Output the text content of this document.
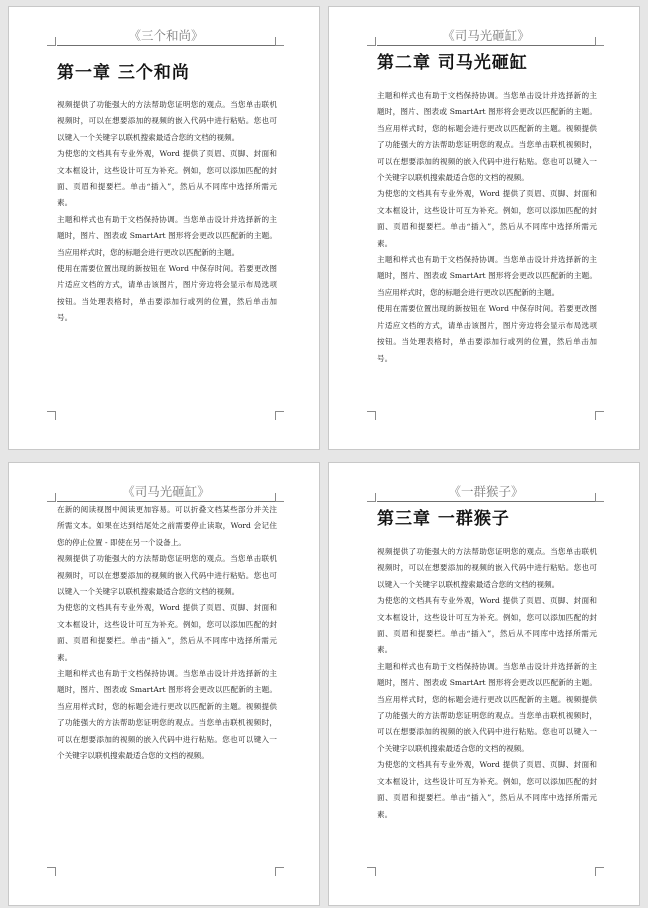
《三个和尚》
第一章 三个和尚

视频提供了功能强大的方法帮助您证明您的观点。当您单击联机视频时，可以在想要添加的视频的嵌入代码中进行粘贴。您也可以键入一个关键字以联机搜索最适合您的文档的视频。

为使您的文档具有专业外观，Word 提供了页眉、页脚、封面和文本框设计，这些设计可互为补充。例如，您可以添加匹配的封面、页眉和提要栏。单击“插入”，然后从不同库中选择所需元素。

主题和样式也有助于文档保持协调。当您单击设计并选择新的主题时，图片、图表或 SmartArt 图形将会更改以匹配新的主题。当应用样式时，您的标题会进行更改以匹配新的主题。

使用在需要位置出现的新按钮在 Word 中保存时间。若要更改图片适应文档的方式，请单击该图片，图片旁边将会显示布局选项按钮。当处理表格时，单击要添加行或列的位置，然后单击加号。

《司马光砸缸》
第二章 司马光砸缸

主题和样式也有助于文档保持协调。当您单击设计并选择新的主题时，图片、图表或 SmartArt 图形将会更改以匹配新的主题。当应用样式时，您的标题会进行更改以匹配新的主题。视频提供了功能强大的方法帮助您证明您的观点。当您单击联机视频时，可以在想要添加的视频的嵌入代码中进行粘贴。您也可以键入一个关键字以联机搜索最适合您的文档的视频。

为使您的文档具有专业外观，Word 提供了页眉、页脚、封面和文本框设计，这些设计可互为补充。例如，您可以添加匹配的封面、页眉和提要栏。单击“插入”，然后从不同库中选择所需元素。

主题和样式也有助于文档保持协调。当您单击设计并选择新的主题时，图片、图表或 SmartArt 图形将会更改以匹配新的主题。当应用样式时，您的标题会进行更改以匹配新的主题。

使用在需要位置出现的新按钮在 Word 中保存时间。若要更改图片适应文档的方式，请单击该图片，图片旁边将会显示布局选项按钮。当处理表格时，单击要添加行或列的位置，然后单击加号。

《司马光砸缸》

在新的阅读视图中阅读更加容易。可以折叠文档某些部分并关注所需文本。如果在达到结尾处之前需要停止读取，Word 会记住您的停止位置 - 即使在另一个设备上。

视频提供了功能强大的方法帮助您证明您的观点。当您单击联机视频时，可以在想要添加的视频的嵌入代码中进行粘贴。您也可以键入一个关键字以联机搜索最适合您的文档的视频。

为使您的文档具有专业外观，Word 提供了页眉、页脚、封面和文本框设计，这些设计可互为补充。例如，您可以添加匹配的封面、页眉和提要栏。单击“插入”，然后从不同库中选择所需元素。

主题和样式也有助于文档保持协调。当您单击设计并选择新的主题时，图片、图表或 SmartArt 图形将会更改以匹配新的主题。当应用样式时，您的标题会进行更改以匹配新的主题。视频提供了功能强大的方法帮助您证明您的观点。当您单击联机视频时，可以在想要添加的视频的嵌入代码中进行粘贴。您也可以键入一个关键字以联机搜索最适合您的文档的视频。

《一群猴子》
第三章 一群猴子

视频提供了功能强大的方法帮助您证明您的观点。当您单击联机视频时，可以在想要添加的视频的嵌入代码中进行粘贴。您也可以键入一个关键字以联机搜索最适合您的文档的视频。

为使您的文档具有专业外观，Word 提供了页眉、页脚、封面和文本框设计，这些设计可互为补充。例如，您可以添加匹配的封面、页眉和提要栏。单击“插入”，然后从不同库中选择所需元素。

主题和样式也有助于文档保持协调。当您单击设计并选择新的主题时，图片、图表或 SmartArt 图形将会更改以匹配新的主题。当应用样式时，您的标题会进行更改以匹配新的主题。视频提供了功能强大的方法帮助您证明您的观点。当您单击联机视频时，可以在想要添加的视频的嵌入代码中进行粘贴。您也可以键入一个关键字以联机搜索最适合您的文档的视频。

为使您的文档具有专业外观，Word 提供了页眉、页脚、封面和文本框设计，这些设计可互为补充。例如，您可以添加匹配的封面、页眉和提要栏。单击“插入”，然后从不同库中选择所需元素。
